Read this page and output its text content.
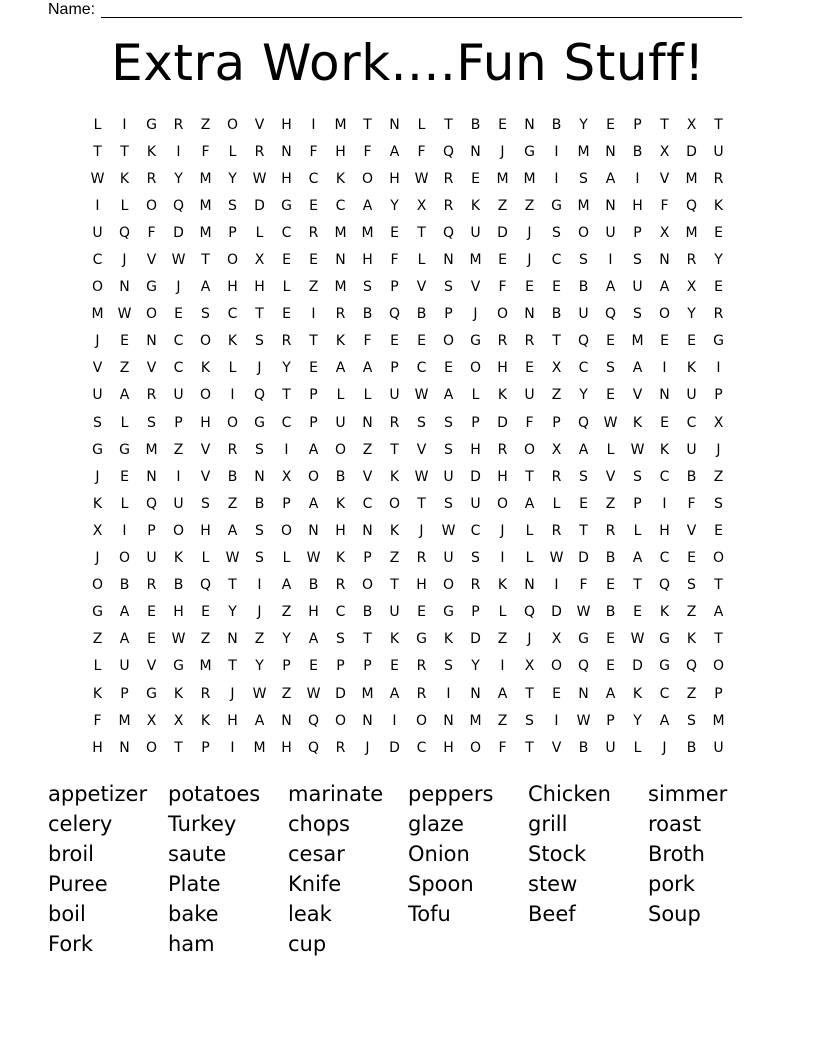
Name:
Extra Work....Fun Stuff!
L	I	G	R	Z	O	V	H	I	M	T	N	L	T	B	E	N	B	Y	E	P	T	X	T
T	T	K	I	F	L	R	N	F	H	F	A	F	Q	N	J	G	I	M	N	B	X	D	U
W	K	R	Y	M	Y	W	H	C	K	O	H	W	R	E	M	M	I	S	A	I	V	M	R
I	L	O	Q	M	S	D	G	E	C	A	Y	X	R	K	Z	Z	G	M	N	H	F	Q	K
U	Q	F	D	M	P	L	C	R	M	M	E	T	Q	U	D	J	S	O	U	P	X	M	E
C	J	V	W	T	O	X	E	E	N	H	F	L	N	M	E	J	C	S	I	S	N	R	Y
O	N	G	J	A	H	H	L	Z	M	S	P	V	S	V	F	E	E	B	A	U	A	X	E
M	W	O	E	S	C	T	E	I	R	B	Q	B	P	J	O	N	B	U	Q	S	O	Y	R
J	E	N	C	O	K	S	R	T	K	F	E	E	O	G	R	R	T	Q	E	M	E	E	G
V	Z	V	C	K	L	J	Y	E	A	A	P	C	E	O	H	E	X	C	S	A	I	K	I
U	A	R	U	O	I	Q	T	P	L	L	U	W	A	L	K	U	Z	Y	E	V	N	U	P
S	L	S	P	H	O	G	C	P	U	N	R	S	S	P	D	F	P	Q	W	K	E	C	X
G	G	M	Z	V	R	S	I	A	O	Z	T	V	S	H	R	O	X	A	L	W	K	U	J
J	E	N	I	V	B	N	X	O	B	V	K	W	U	D	H	T	R	S	V	S	C	B	Z
K	L	Q	U	S	Z	B	P	A	K	C	O	T	S	U	O	A	L	E	Z	P	I	F	S
X	I	P	O	H	A	S	O	N	H	N	K	J	W	C	J	L	R	T	R	L	H	V	E
J	O	U	K	L	W	S	L	W	K	P	Z	R	U	S	I	L	W	D	B	A	C	E	O
O	B	R	B	Q	T	I	A	B	R	O	T	H	O	R	K	N	I	F	E	T	Q	S	T
G	A	E	H	E	Y	J	Z	H	C	B	U	E	G	P	L	Q	D	W	B	E	K	Z	A
Z	A	E	W	Z	N	Z	Y	A	S	T	K	G	K	D	Z	J	X	G	E	W	G	K	T
L	U	V	G	M	T	Y	P	E	P	P	E	R	S	Y	I	X	O	Q	E	D	G	Q	O
K	P	G	K	R	J	W	Z	W	D	M	A	R	I	N	A	T	E	N	A	K	C	Z	P
F	M	X	X	K	H	A	N	Q	O	N	I	O	N	M	Z	S	I	W	P	Y	A	S	M
H	N	O	T	P	I	M	H	Q	R	J	D	C	H	O	F	T	V	B	U	L	J	B	U
appetizer potatoes	marinate	peppers	Chicken	simmer
celery	Turkey	chops	glaze	grill	roast
broil	saute	cesar	Onion	Stock	Broth
Puree	Plate	Knife	Spoon	stew	pork
boil	bake	leak	Tofu	Beef	Soup
Fork	ham	cup
